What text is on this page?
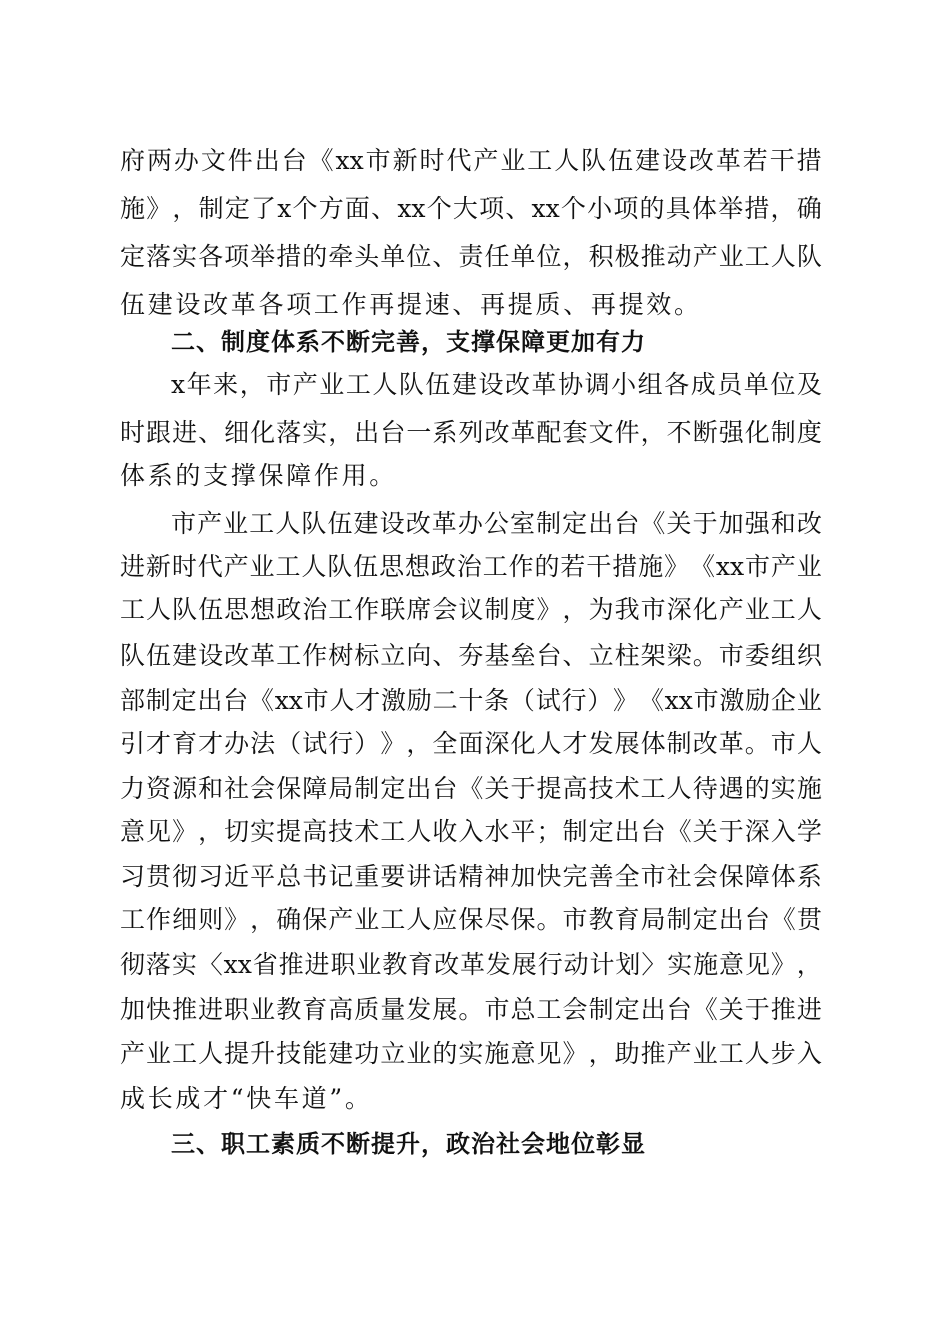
府 两 办 文 件 出 台 《 xx 市 新 时 代 产 业 工 人 队 伍 建 设 改 革 若 干 措
施 》 ， 制 定 了 x 个 方 面 、 xx 个 大 项 、 xx 个 小 项 的 具 体 举 措 ， 确
定 落 实 各 项 举 措 的 牵 头 单 位 、 责 任 单 位 ， 积 极 推 动 产 业 工 人 队
伍建设改革各项工作再提速、再提质、再提效。
二、制度体系不断完善，支撑保障更加有力
x 年 来 ， 市 产 业 工 人 队 伍 建 设 改 革 协 调 小 组 各 成 员 单 位 及
时 跟 进 、 细 化 落 实 ， 出 台 一 系 列 改 革 配 套 文 件 ， 不 断 强 化 制 度
体系的支撑保障作用。
市 产 业 工 人 队 伍 建 设 改 革 办 公 室 制 定 出 台 《 关 于 加 强 和 改
进 新 时 代 产 业 工 人 队 伍 思 想 政 治 工 作 的 若 干 措 施 》 《 xx 市 产 业
工 人 队 伍 思 想 政 治 工 作 联 席 会 议 制 度 》 ， 为 我 市 深 化 产 业 工 人
队 伍 建 设 改 革 工 作 树 标 立 向 、 夯 基 垒 台 、 立 柱 架 梁 。 市 委 组 织
部 制 定 出 台 《 xx 市 人 才 激 励 二 十 条 （ 试 行 ） 》 《 xx 市 激 励 企 业
引 才 育 才 办 法 （ 试 行 ） 》 ， 全 面 深 化 人 才 发 展 体 制 改 革 。 市 人
力 资 源 和 社 会 保 障 局 制 定 出 台 《 关 于 提 高 技 术 工 人 待 遇 的 实 施
意 见 》 ， 切 实 提 高 技 术 工 人 收 入 水 平 ； 制 定 出 台 《 关 于 深 入 学
习 贯 彻 习 近 平 总 书 记 重 要 讲 话 精 神 加 快 完 善 全 市 社 会 保 障 体 系
工 作 细 则 》 ， 确 保 产 业 工 人 应 保 尽 保 。 市 教 育 局 制 定 出 台 《 贯
彻 落 实 〈 xx 省 推 进 职 业 教 育 改 革 发 展 行 动 计 划 〉 实 施 意 见 》 ，
加 快 推 进 职 业 教 育 高 质 量 发 展 。 市 总 工 会 制 定 出 台 《 关 于 推 进
产 业 工 人 提 升 技 能 建 功 立 业 的 实 施 意 见 》 ， 助 推 产 业 工 人 步 入
成长成才“快车道”。
三、职工素质不断提升，政治社会地位彰显
